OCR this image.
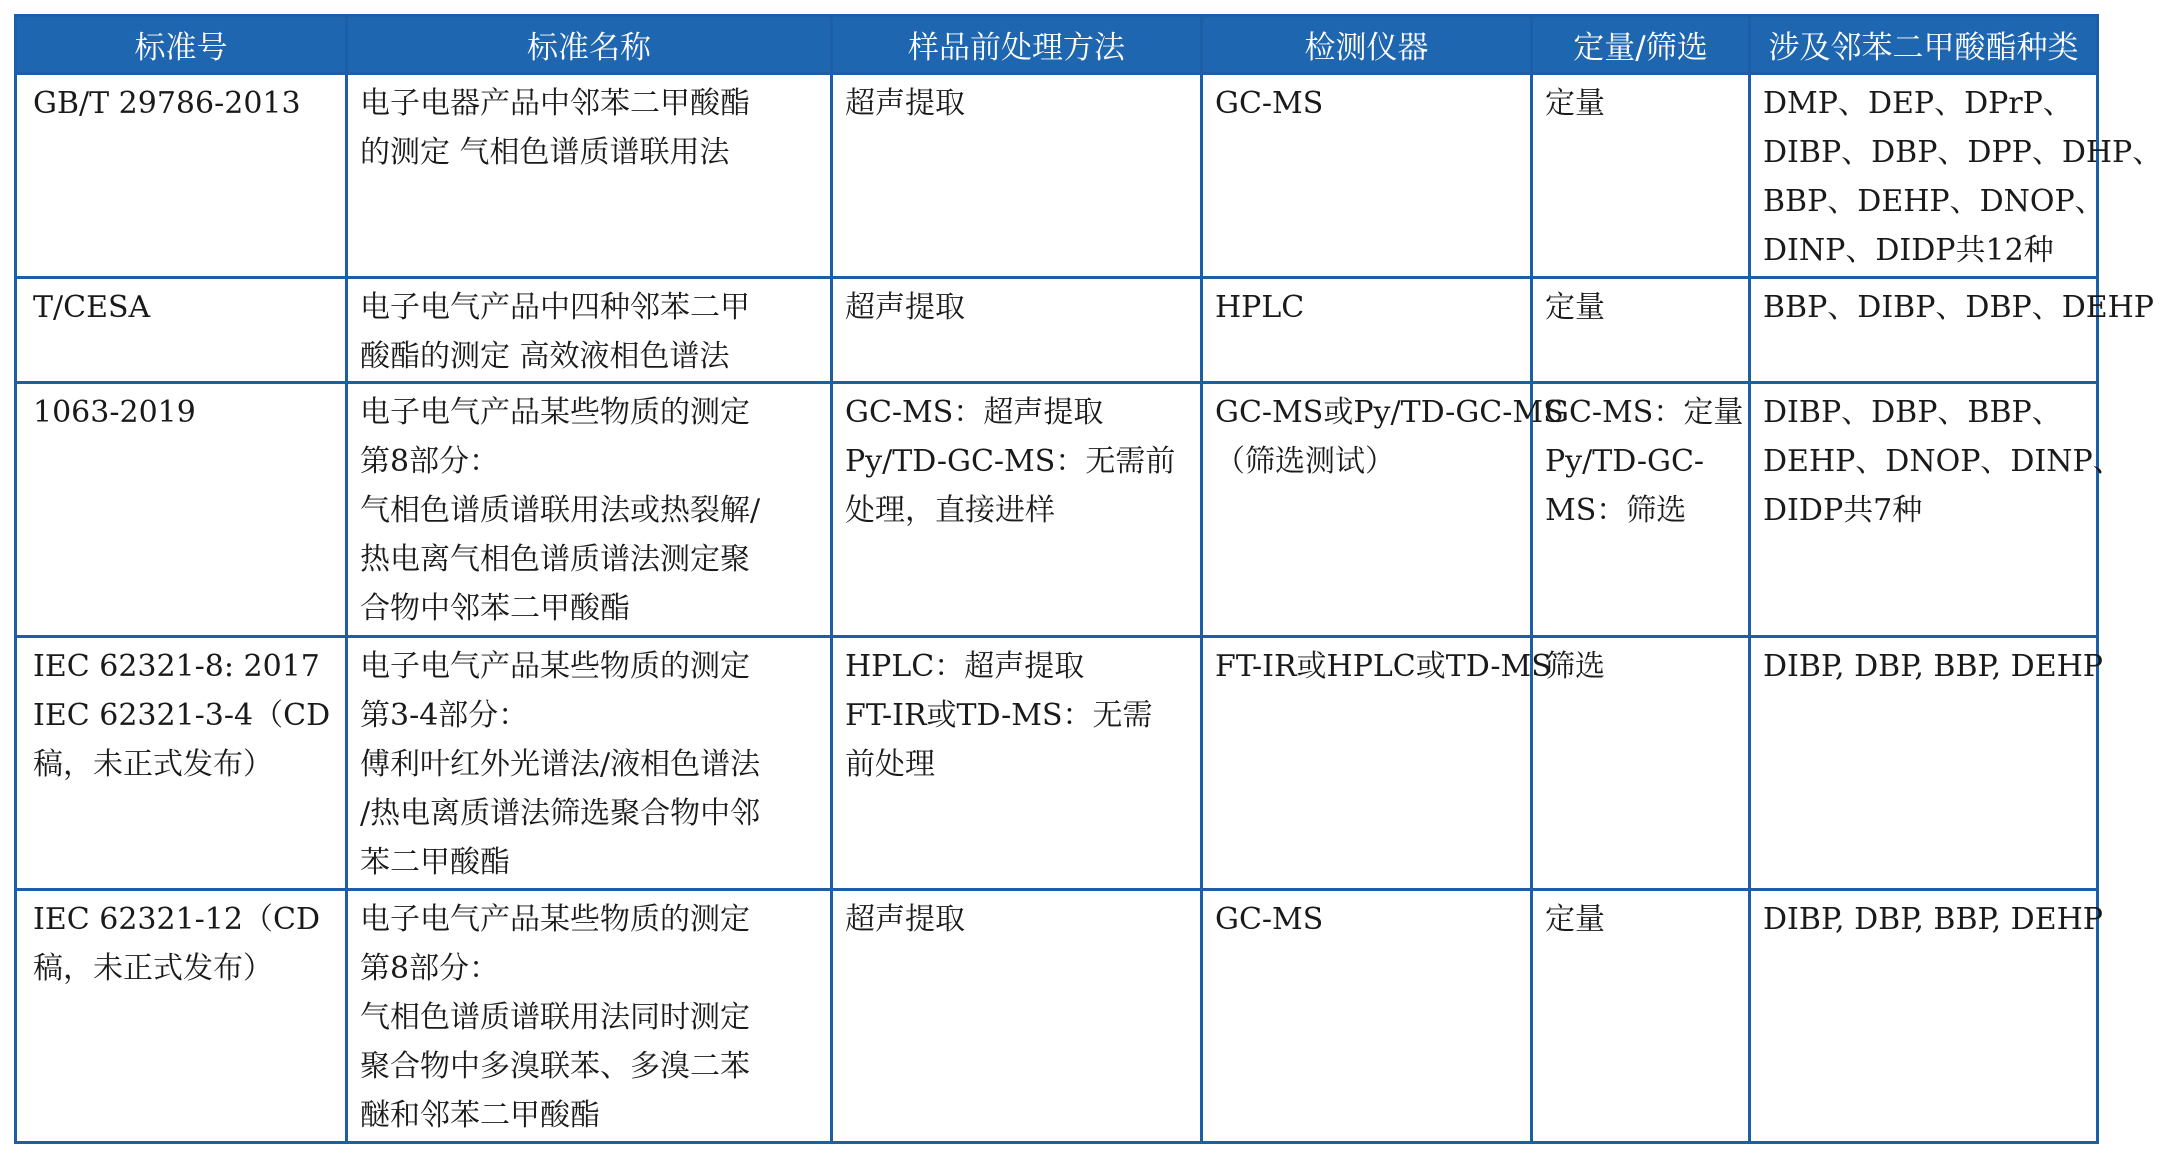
标准号	标准名称	样品前处理方法	检测仪器	定量/筛选	涉及邻苯二甲酸酯种类

GB/T 29786-2013	电子电器产品中邻苯二甲酸酯
的测定 气相色谱质谱联用法	超声提取	GC-MS	定量	DMP、DEP、DPrP、
DIBP、DBP、DPP、DHP、
BBP、DEHP、DNOP、
DINP、DIDP共12种

T/CESA	电子电气产品中四种邻苯二甲
酸酯的测定 高效液相色谱法	超声提取	HPLC	定量	BBP、DIBP、DBP、DEHP

1063-2019	电子电气产品某些物质的测定
第8部分：
气相色谱质谱联用法或热裂解/
热电离气相色谱质谱法测定聚
合物中邻苯二甲酸酯	GC-MS：超声提取
Py/TD-GC-MS：无需前
处理，直接进样	GC-MS或Py/TD-GC-MS
（筛选测试）	GC-MS：定量
Py/TD-GC-
MS：筛选	DIBP、DBP、BBP、
DEHP、DNOP、DINP、
DIDP共7种

IEC 62321-8: 2017
IEC 62321-3-4（CD
稿，未正式发布）	电子电气产品某些物质的测定
第3-4部分：
傅利叶红外光谱法/液相色谱法
/热电离质谱法筛选聚合物中邻
苯二甲酸酯	HPLC：超声提取
FT-IR或TD-MS：无需
前处理	FT-IR或HPLC或TD-MS	筛选	DIBP, DBP, BBP, DEHP

IEC 62321-12（CD
稿，未正式发布）	电子电气产品某些物质的测定
第8部分：
气相色谱质谱联用法同时测定
聚合物中多溴联苯、多溴二苯
醚和邻苯二甲酸酯	超声提取	GC-MS	定量	DIBP, DBP, BBP, DEHP
